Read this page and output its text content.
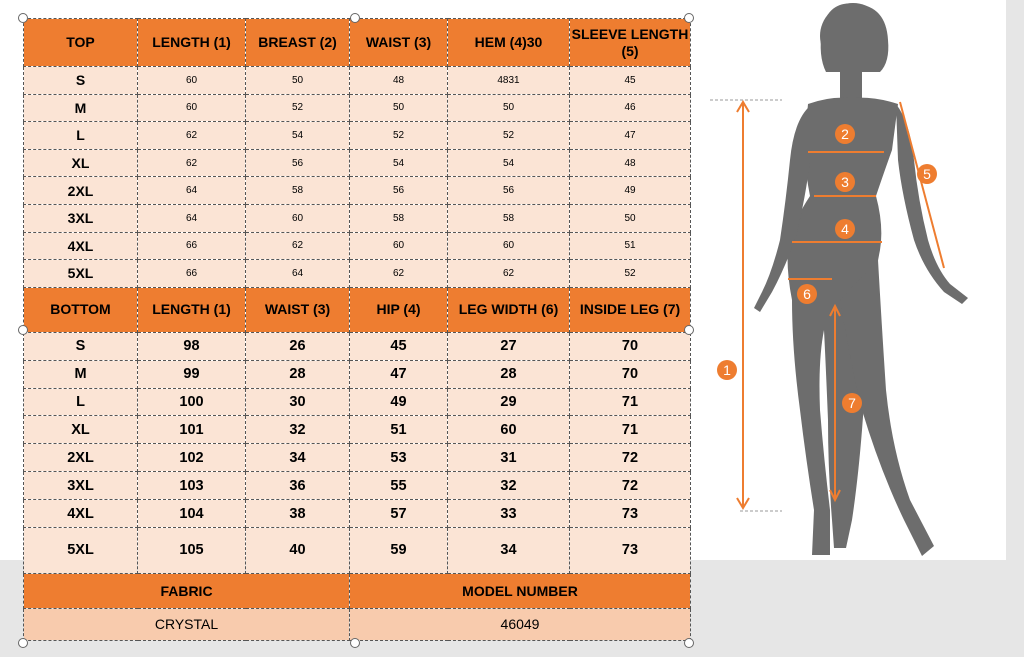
TOP	LENGTH (1)	BREAST (2)	WAIST (3)	HEM (4)30	SLEEVE LENGTH (5)
S	60	50	48	4831	45
M	60	52	50	50	46
L	62	54	52	52	47
XL	62	56	54	54	48
2XL	64	58	56	56	49
3XL	64	60	58	58	50
4XL	66	62	60	60	51
5XL	66	64	62	62	52
BOTTOM	LENGTH (1)	WAIST (3)	HIP (4)	LEG WIDTH (6)	INSIDE LEG (7)
S	98	26	45	27	70
M	99	28	47	28	70
L	100	30	49	29	71
XL	101	32	51	60	71
2XL	102	34	53	31	72
3XL	103	36	55	32	72
4XL	104	38	57	33	73
5XL	105	40	59	34	73
FABRIC			MODEL NUMBER		
CRYSTAL			46049		
1
2
3
4
5
6
7
